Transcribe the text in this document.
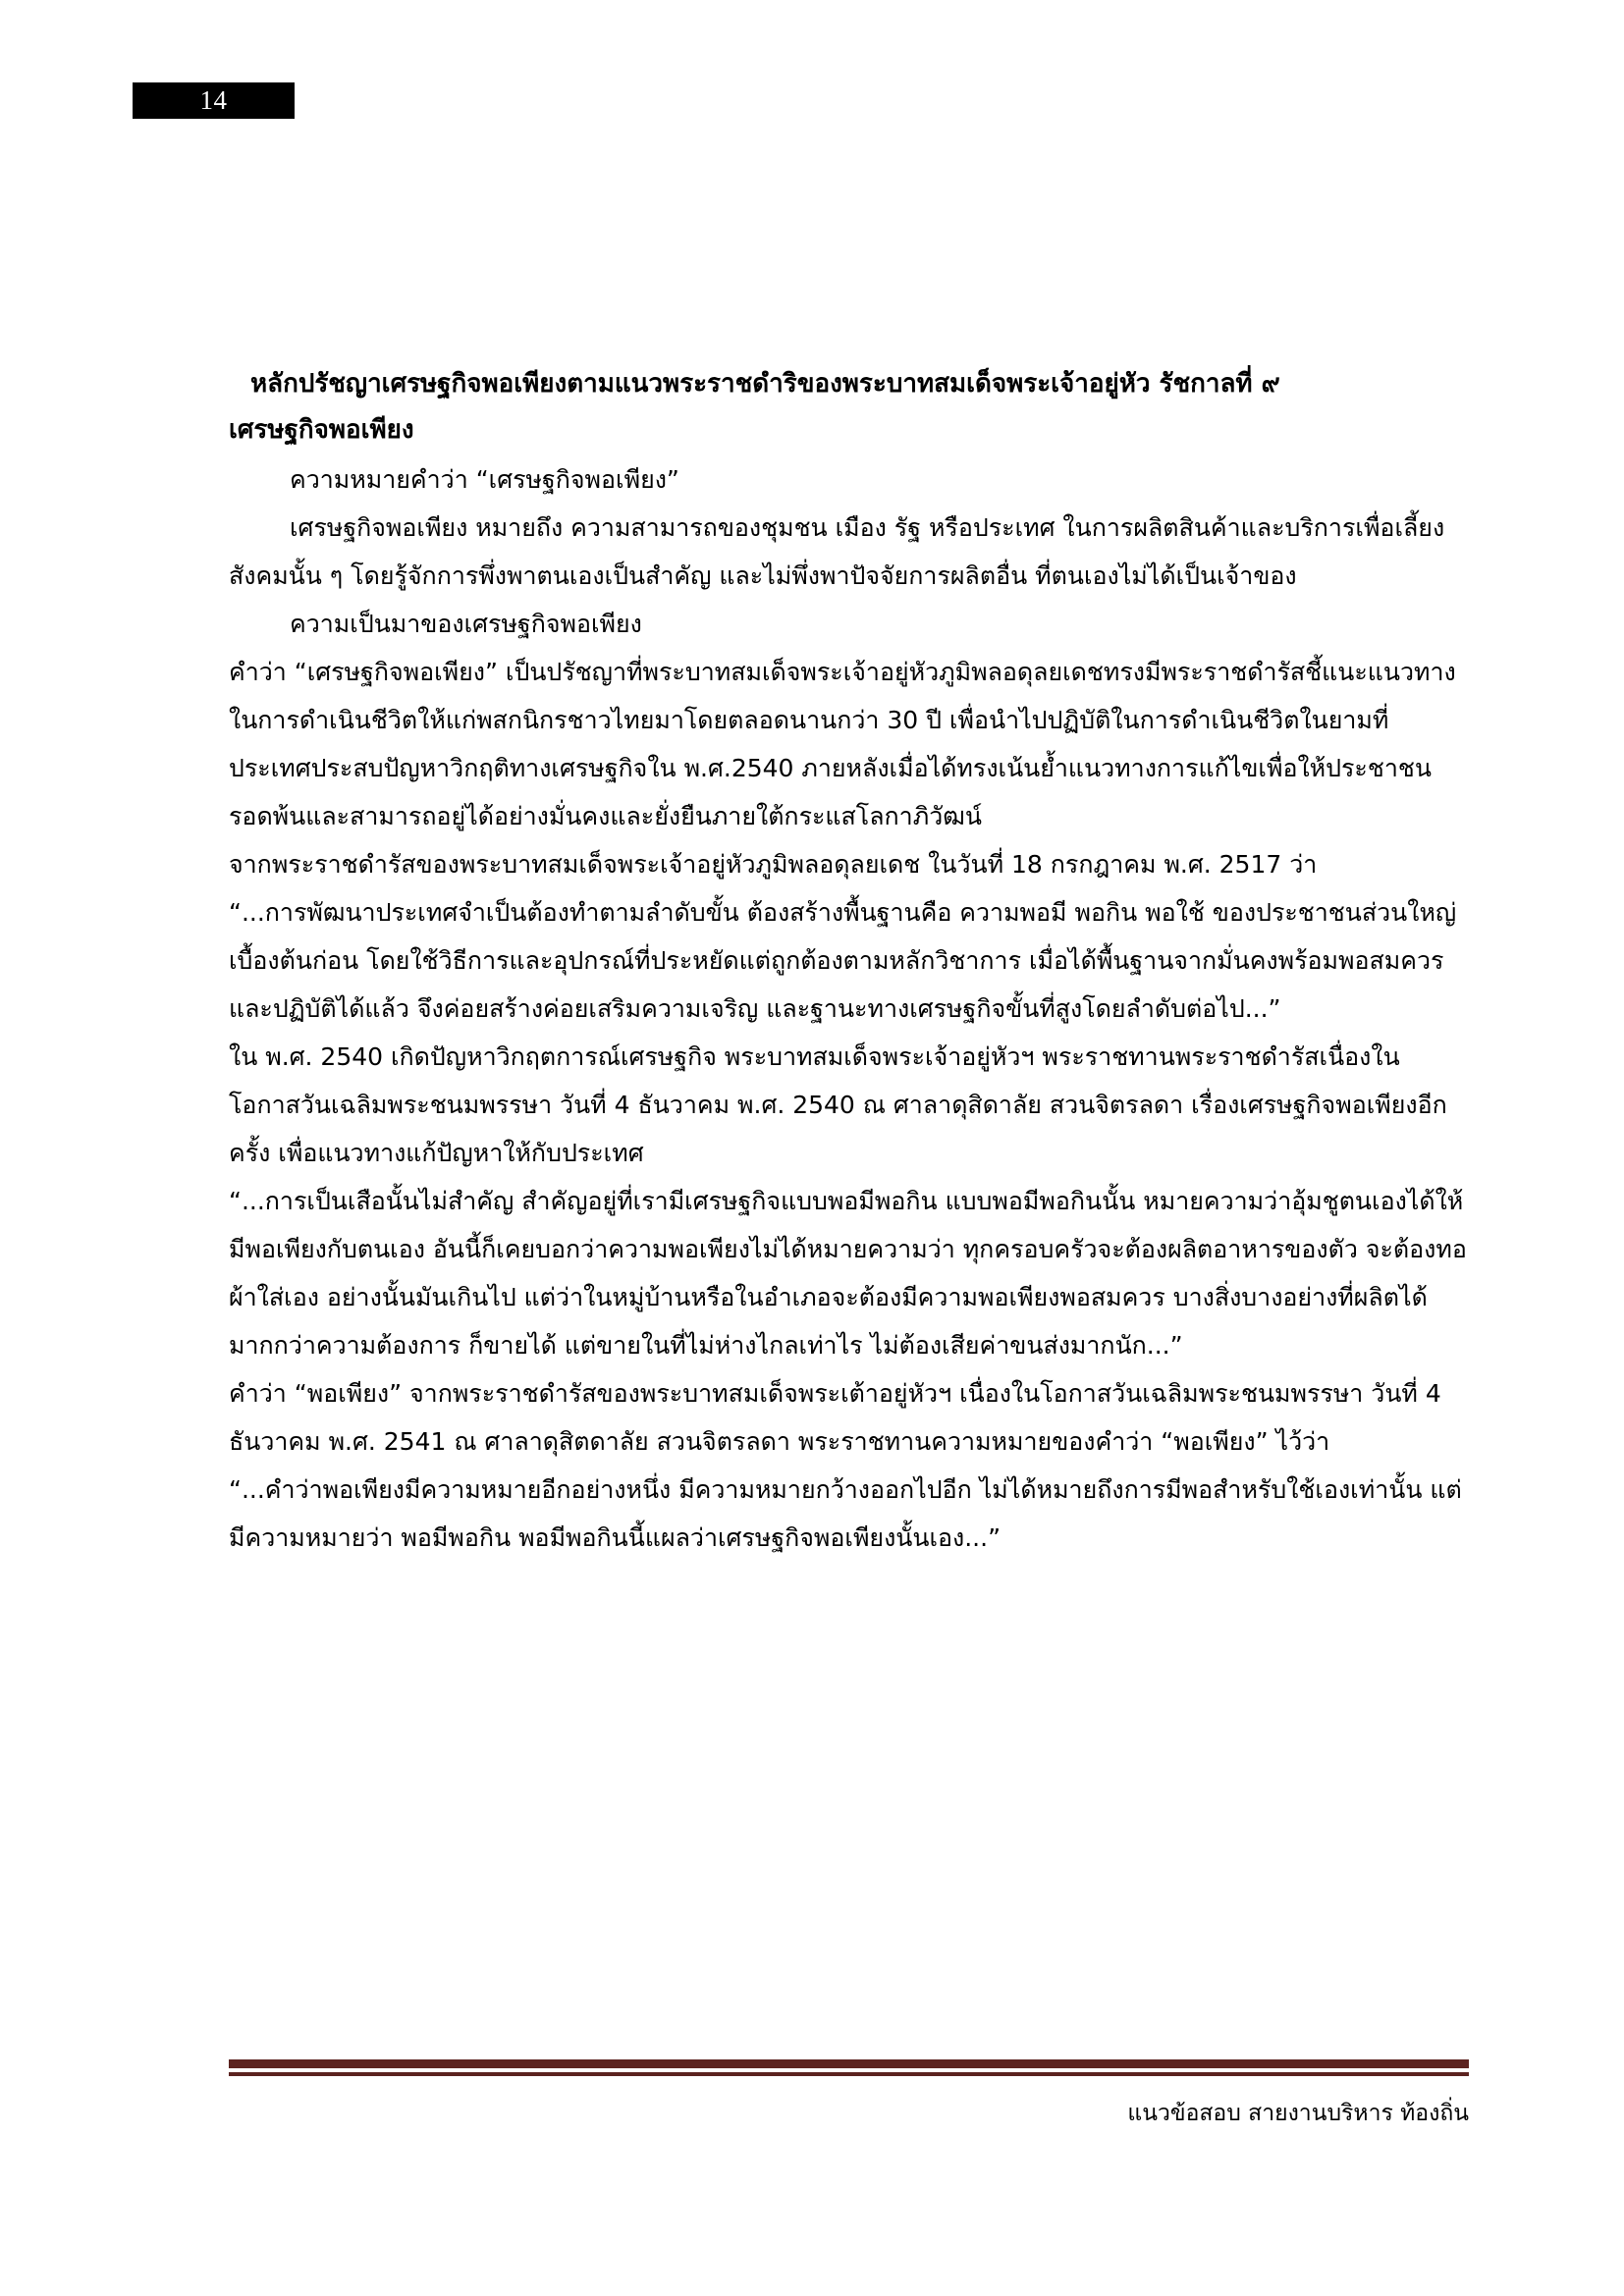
14
หลักปรัชญาเศรษฐกิจพอเพียงตามแนวพระราชดำริของพระบาทสมเด็จพระเจ้าอยู่หัว รัชกาลที่ ๙
เศรษฐกิจพอเพียง

ความหมายคำว่า “เศรษฐกิจพอเพียง”

เศรษฐกิจพอเพียง หมายถึง ความสามารถของชุมชน เมือง รัฐ หรือประเทศ ในการผลิตสินค้าและบริการเพื่อเลี้ยงสังคมนั้น ๆ โดยรู้จักการพึ่งพาตนเองเป็นสำคัญ และไม่พึ่งพาปัจจัยการผลิตอื่น ที่ตนเองไม่ได้เป็นเจ้าของ

ความเป็นมาของเศรษฐกิจพอเพียง

คำว่า “เศรษฐกิจพอเพียง” เป็นปรัชญาที่พระบาทสมเด็จพระเจ้าอยู่หัวภูมิพลอดุลยเดชทรงมีพระราชดำรัสชี้แนะแนวทางในการดำเนินชีวิตให้แก่พสกนิกรชาวไทยมาโดยตลอดนานกว่า 30 ปี เพื่อนำไปปฏิบัติในการดำเนินชีวิตในยามที่ประเทศประสบปัญหาวิกฤติทางเศรษฐกิจใน พ.ศ.2540 ภายหลังเมื่อได้ทรงเน้นย้ำแนวทางการแก้ไขเพื่อให้ประชาชนรอดพ้นและสามารถอยู่ได้อย่างมั่นคงและยั่งยืนภายใต้กระแสโลกาภิวัฒน์

จากพระราชดำรัสของพระบาทสมเด็จพระเจ้าอยู่หัวภูมิพลอดุลยเดช ในวันที่ 18 กรกฎาคม พ.ศ. 2517 ว่า

“...การพัฒนาประเทศจำเป็นต้องทำตามลำดับขั้น ต้องสร้างพื้นฐานคือ ความพอมี พอกิน พอใช้ ของประชาชนส่วนใหญ่เบื้องต้นก่อน โดยใช้วิธีการและอุปกรณ์ที่ประหยัดแต่ถูกต้องตามหลักวิชาการ เมื่อได้พื้นฐานจากมั่นคงพร้อมพอสมควร และปฏิบัติได้แล้ว จึงค่อยสร้างค่อยเสริมความเจริญ และฐานะทางเศรษฐกิจขั้นที่สูงโดยลำดับต่อไป...”

ใน พ.ศ. 2540 เกิดปัญหาวิกฤตการณ์เศรษฐกิจ พระบาทสมเด็จพระเจ้าอยู่หัวฯ พระราชทานพระราชดำรัสเนื่องในโอกาสวันเฉลิมพระชนมพรรษา วันที่ 4 ธันวาคม พ.ศ. 2540 ณ ศาลาดุสิดาลัย สวนจิตรลดา เรื่องเศรษฐกิจพอเพียงอีกครั้ง เพื่อแนวทางแก้ปัญหาให้กับประเทศ

“...การเป็นเสือนั้นไม่สำคัญ สำคัญอยู่ที่เรามีเศรษฐกิจแบบพอมีพอกิน แบบพอมีพอกินนั้น หมายความว่าอุ้มชูตนเองได้ให้มีพอเพียงกับตนเอง อันนี้ก็เคยบอกว่าความพอเพียงไม่ได้หมายความว่า ทุกครอบครัวจะต้องผลิตอาหารของตัว จะต้องทอผ้าใส่เอง อย่างนั้นมันเกินไป แต่ว่าในหมู่บ้านหรือในอำเภอจะต้องมีความพอเพียงพอสมควร บางสิ่งบางอย่างที่ผลิตได้มากกว่าความต้องการ ก็ขายได้ แต่ขายในที่ไม่ห่างไกลเท่าไร ไม่ต้องเสียค่าขนส่งมากนัก...”

คำว่า “พอเพียง” จากพระราชดำรัสของพระบาทสมเด็จพระเต้าอยู่หัวฯ เนื่องในโอกาสวันเฉลิมพระชนมพรรษา วันที่ 4 ธันวาคม พ.ศ. 2541 ณ ศาลาดุสิตดาลัย สวนจิตรลดา พระราชทานความหมายของคำว่า “พอเพียง” ไว้ว่า

“...คำว่าพอเพียงมีความหมายอีกอย่างหนึ่ง มีความหมายกว้างออกไปอีก ไม่ได้หมายถึงการมีพอสำหรับใช้เองเท่านั้น แต่มีความหมายว่า พอมีพอกิน พอมีพอกินนี้แผลว่าเศรษฐกิจพอเพียงนั้นเอง...”

แนวข้อสอบ สายงานบริหาร ท้องถิ่น
